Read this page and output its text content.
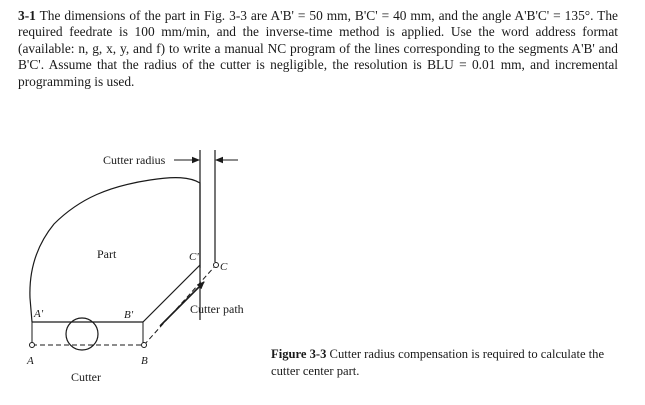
3-1 The dimensions of the part in Fig. 3-3 are A'B' = 50 mm, B'C' = 40 mm, and the angle A'B'C' = 135°. The required feedrate is 100 mm/min, and the inverse-time method is applied. Use the word address format (available: n, g, x, y, and f) to write a manual NC program of the lines corresponding to the segments A'B' and B'C'. Assume that the radius of the cutter is negligible, the resolution is BLU = 0.01 mm, and incremental programming is used.
Cutter radius
Part	C'
C
Cutter path
A'	B'
A	B
Cutter
Figure 3-3 Cutter radius compensation is required to calculate the cutter center part.
